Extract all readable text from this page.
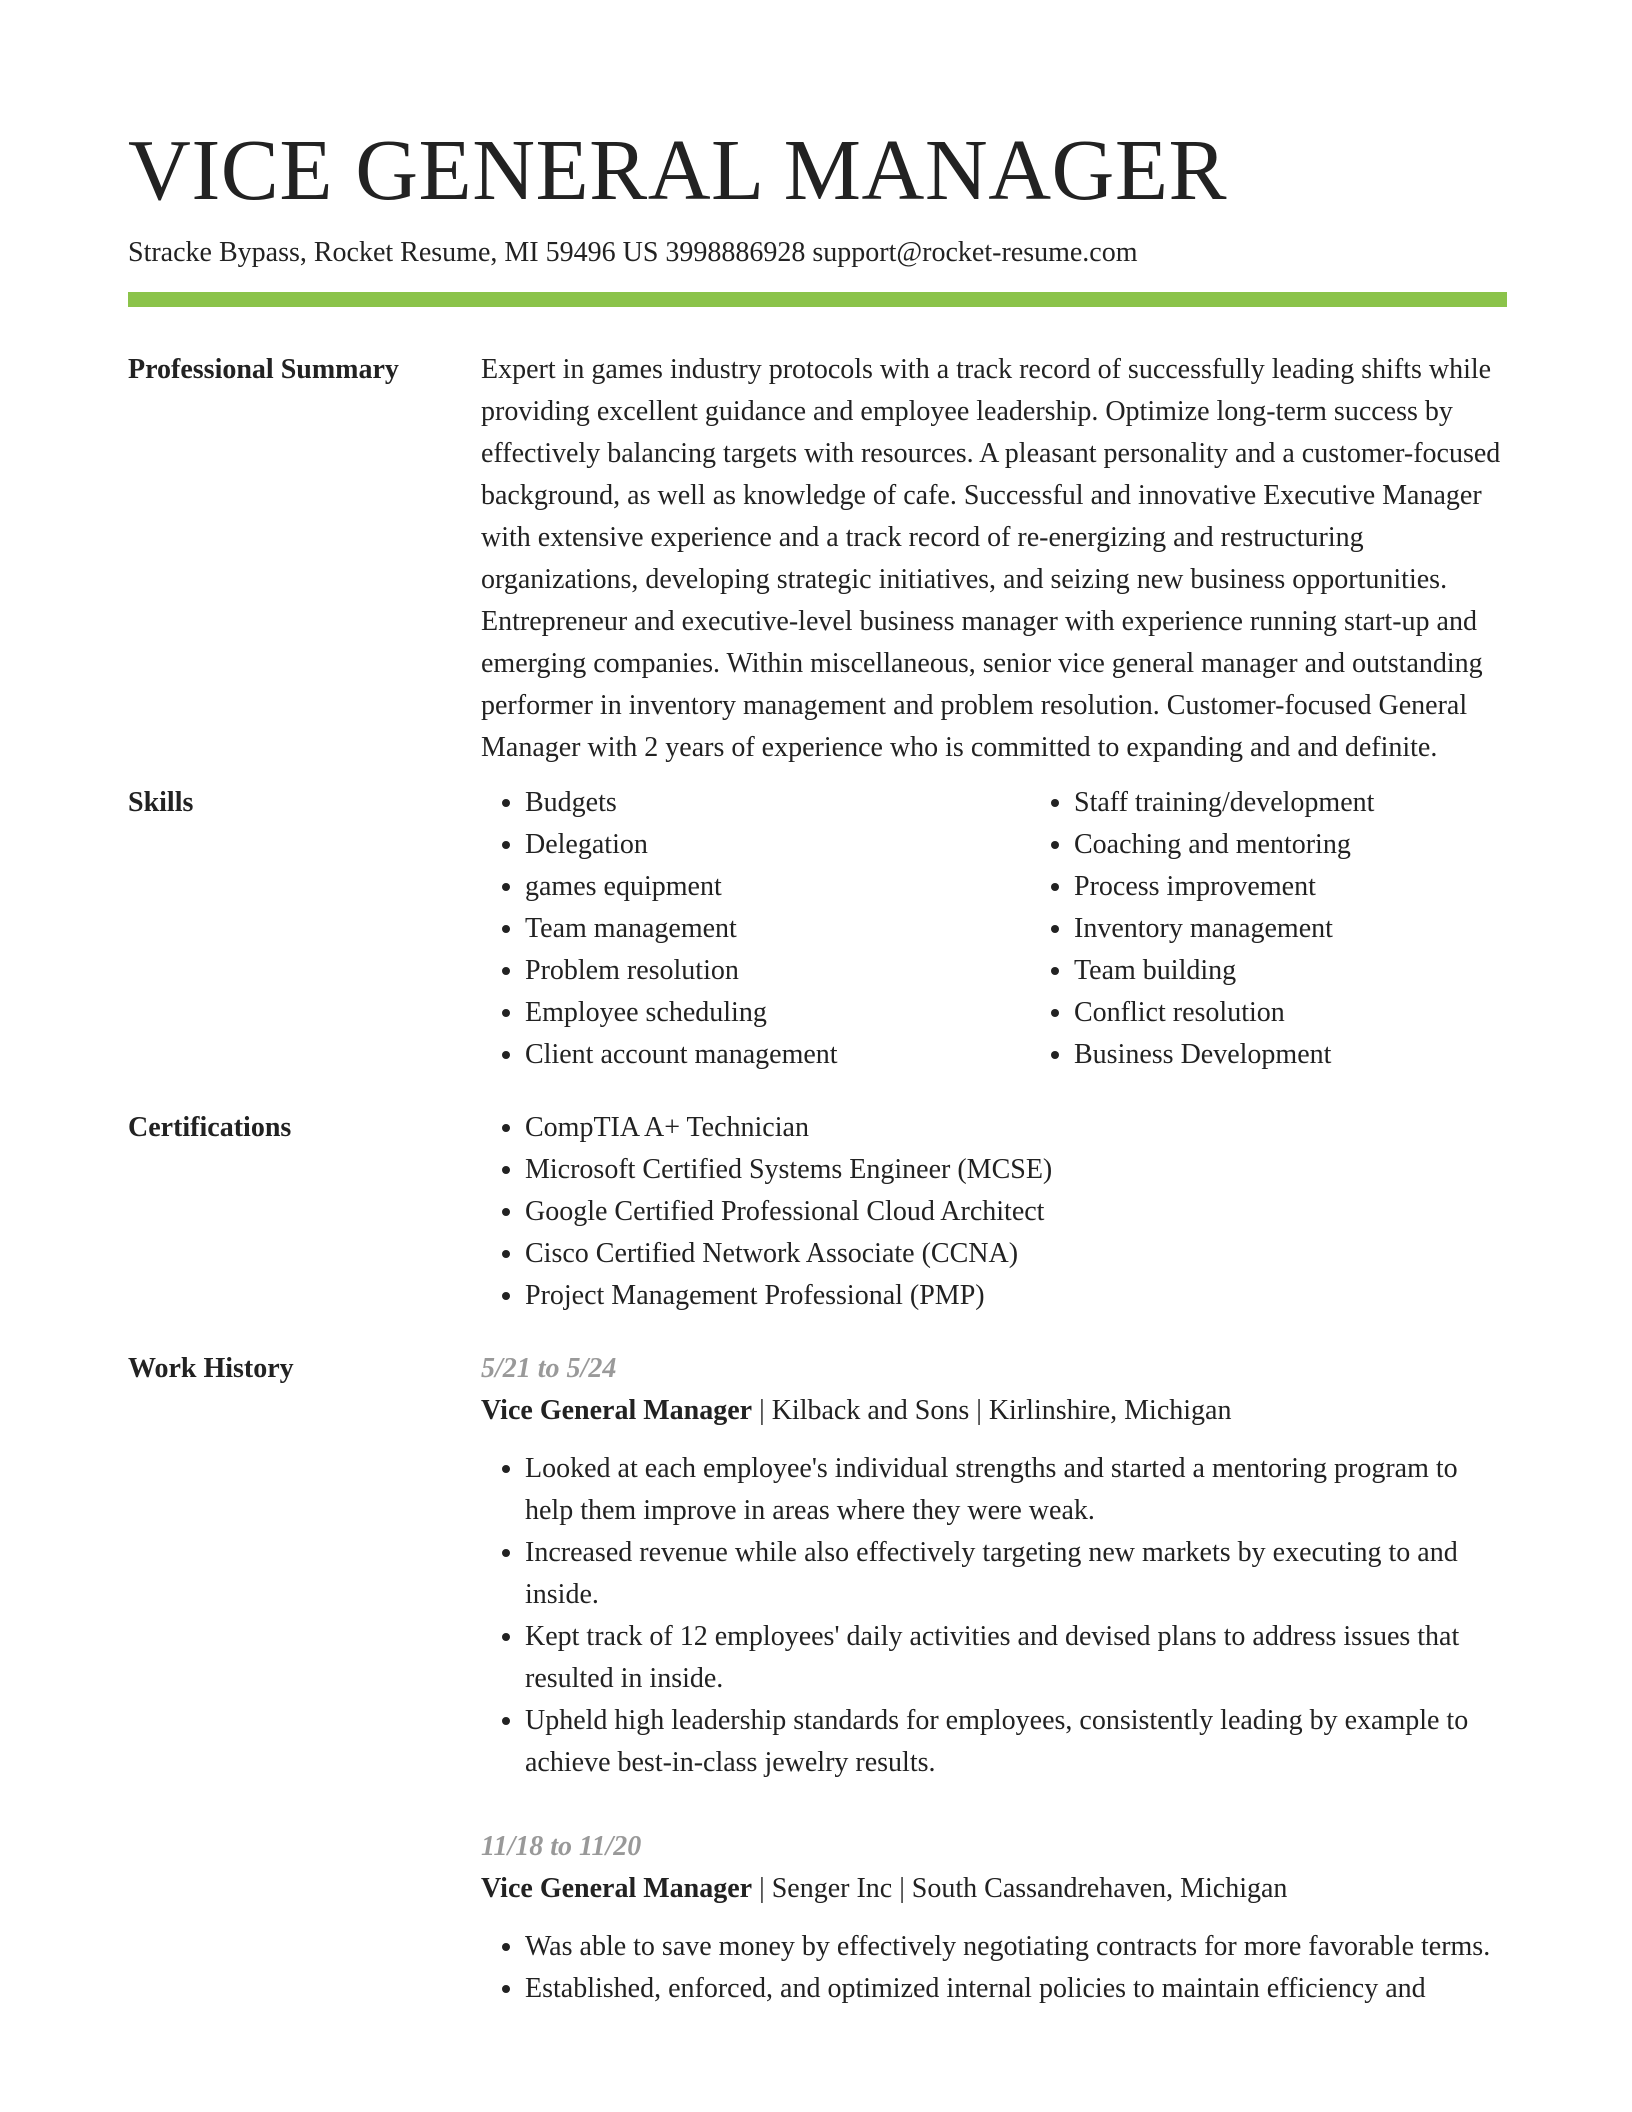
VICE GENERAL MANAGER
Stracke Bypass, Rocket Resume, MI 59496 US 3998886928 support@rocket-resume.com
Professional Summary	Expert in games industry protocols with a track record of successfully leading shifts while providing excellent guidance and employee leadership. Optimize long-term success by effectively balancing targets with resources. A pleasant personality and a customer-focused background, as well as knowledge of cafe. Successful and innovative Executive Manager with extensive experience and a track record of re-energizing and restructuring organizations, developing strategic initiatives, and seizing new business opportunities. Entrepreneur and executive-level business manager with experience running start-up and emerging companies. Within miscellaneous, senior vice general manager and outstanding performer in inventory management and problem resolution. Customer-focused General Manager with 2 years of experience who is committed to expanding and and definite.

Skills	• Budgets
• Delegation
• games equipment
• Team management
• Problem resolution
• Employee scheduling
• Client account management
• Staff training/development
• Coaching and mentoring
• Process improvement
• Inventory management
• Team building
• Conflict resolution
• Business Development
Certifications	• CompTIA A+ Technician
• Microsoft Certified Systems Engineer (MCSE)
• Google Certified Professional Cloud Architect
• Cisco Certified Network Associate (CCNA)
• Project Management Professional (PMP)
Work History	5/21 to 5/24
Vice General Manager | Kilback and Sons | Kirlinshire, Michigan
• Looked at each employee's individual strengths and started a mentoring program to help them improve in areas where they were weak.
• Increased revenue while also effectively targeting new markets by executing to and inside.
• Kept track of 12 employees' daily activities and devised plans to address issues that resulted in inside.
• Upheld high leadership standards for employees, consistently leading by example to achieve best-in-class jewelry results.
11/18 to 11/20
Vice General Manager | Senger Inc | South Cassandrehaven, Michigan
• Was able to save money by effectively negotiating contracts for more favorable terms.
• Established, enforced, and optimized internal policies to maintain efficiency and
